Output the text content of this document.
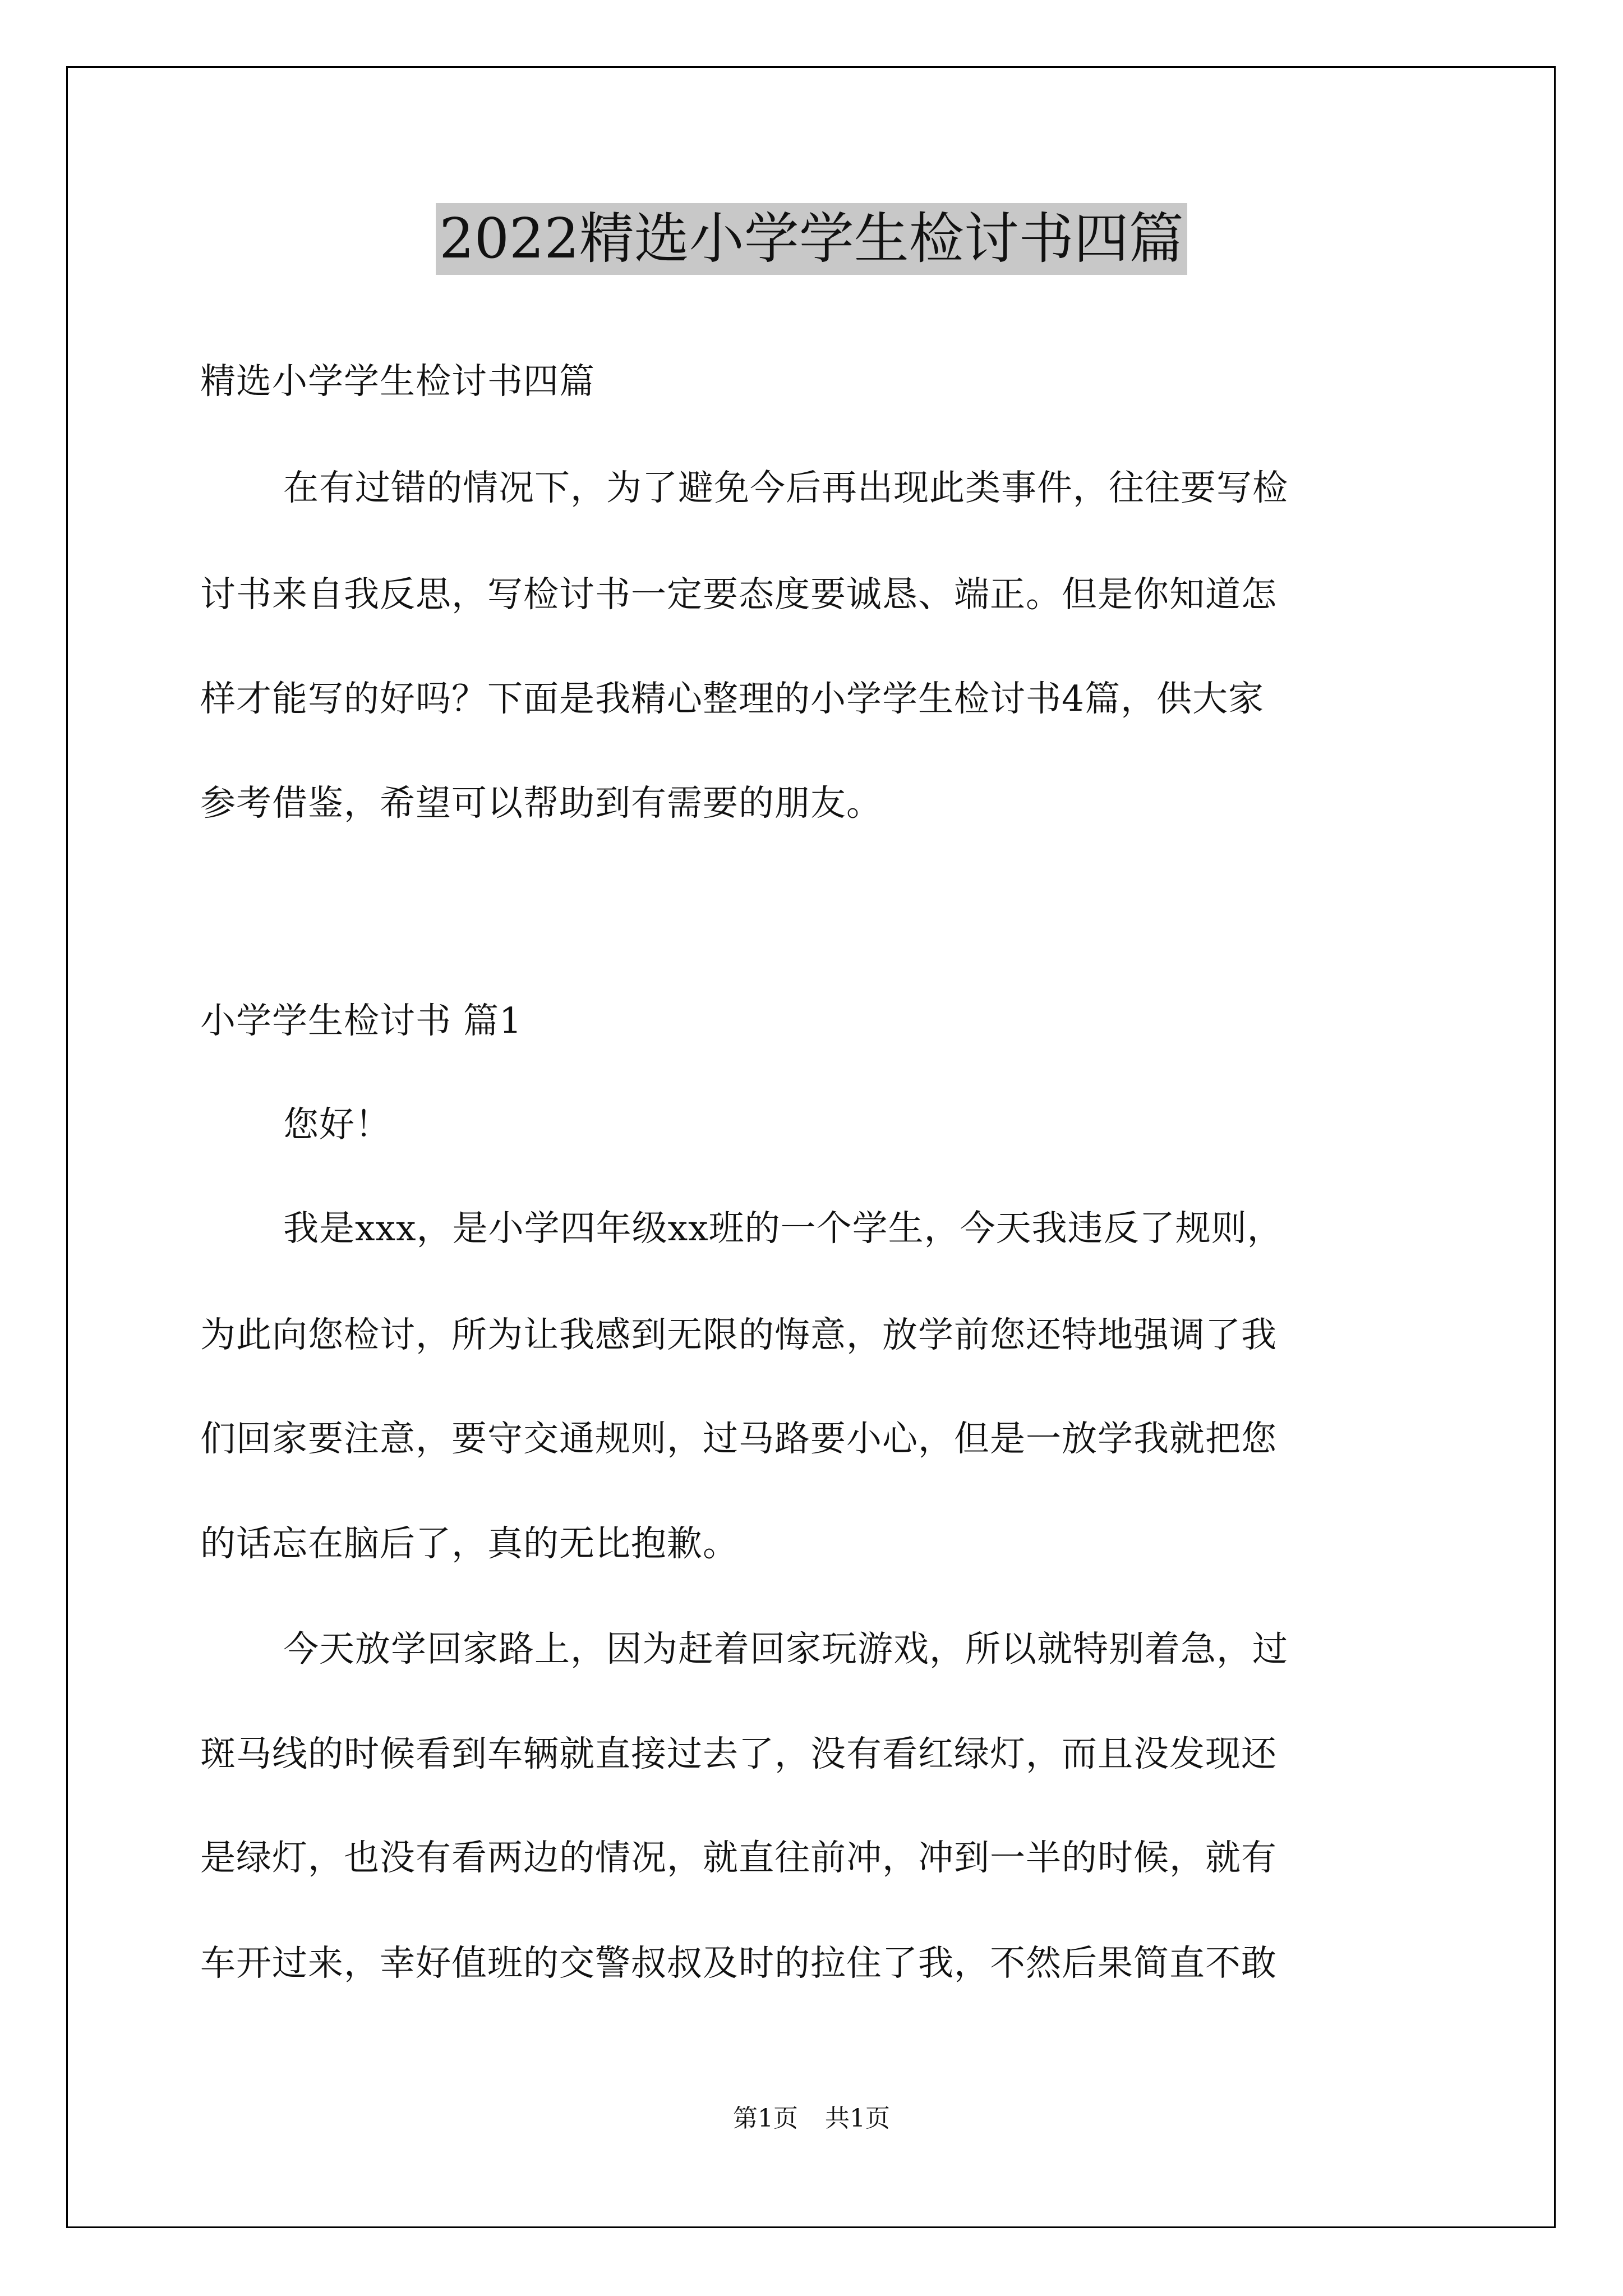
2022精选小学学生检讨书四篇
精选小学学生检讨书四篇
在有过错的情况下，为了避免今后再出现此类事件，往往要写检
讨书来自我反思，写检讨书一定要态度要诚恳、端正。但是你知道怎
样才能写的好吗？下面是我精心整理的小学学生检讨书4篇，供大家
参考借鉴，希望可以帮助到有需要的朋友。
小学学生检讨书 篇1
您好！
我是xxx，是小学四年级xx班的一个学生，今天我违反了规则，
为此向您检讨，所为让我感到无限的悔意，放学前您还特地强调了我
们回家要注意，要守交通规则，过马路要小心，但是一放学我就把您
的话忘在脑后了，真的无比抱歉。
今天放学回家路上，因为赶着回家玩游戏，所以就特别着急，过
斑马线的时候看到车辆就直接过去了，没有看红绿灯，而且没发现还
是绿灯，也没有看两边的情况，就直往前冲，冲到一半的时候，就有
车开过来，幸好值班的交警叔叔及时的拉住了我，不然后果简直不敢
第1页 共1页
